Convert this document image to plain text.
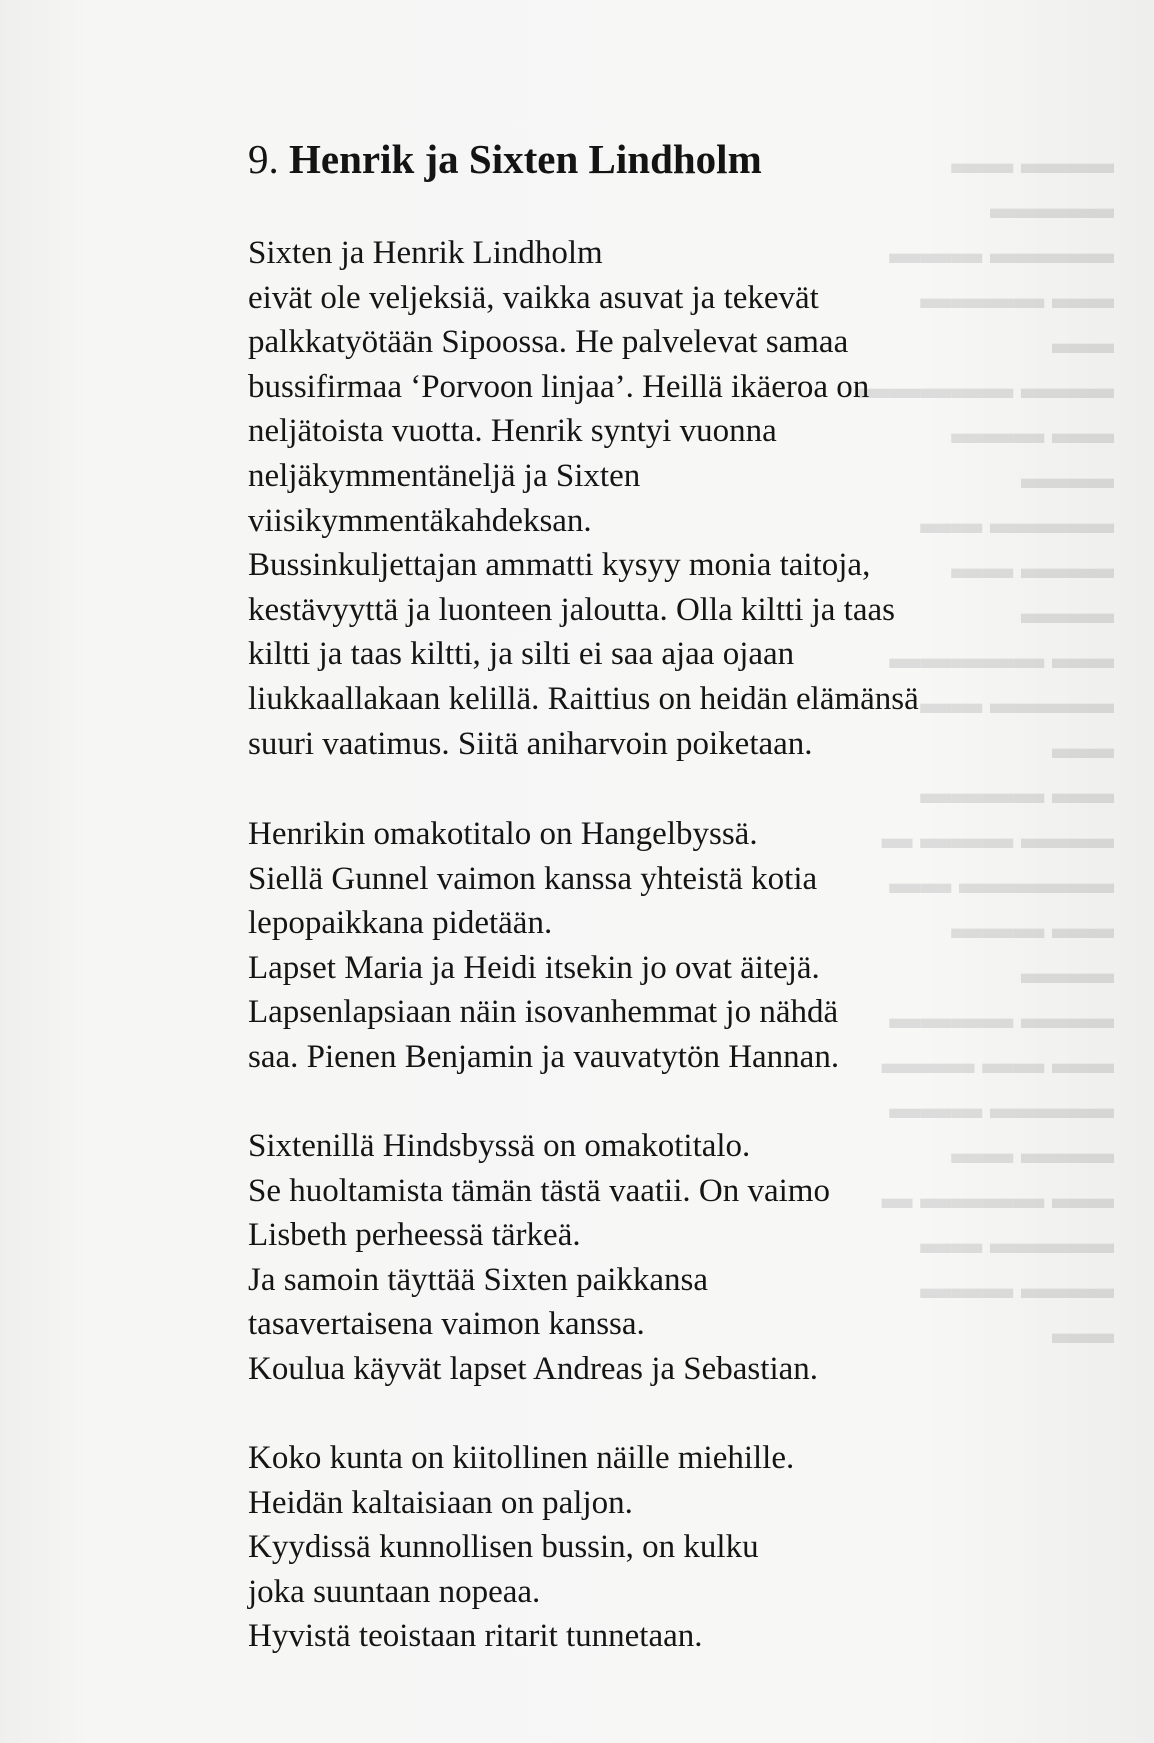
▬▬▬ ▬▬ ▬▬▬▬
▬▬▬▬ ▬▬▬
▬▬ ▬▬▬▬ ▬▬
▬▬▬ ▬▬▬▬▬
▬▬ ▬▬▬ ▬▬▬
▬▬▬▬ ▬▬
▬▬▬ ▬▬ ▬▬▬
▬▬ ▬▬▬▬▬
▬▬▬▬ ▬▬ ▬▬
▬▬ ▬▬▬▬
▬▬▬ ▬▬▬ ▬
▬▬▬▬▬ ▬▬
▬▬ ▬▬▬ ▬▬▬
▬▬▬ ▬▬▬▬
▬▬ ▬▬ ▬▬▬
▬▬▬▬ ▬▬▬
▬▬▬ ▬▬
▬▬ ▬▬▬▬ ▬
▬▬▬▬ ▬▬
▬▬▬ ▬▬▬ ▬▬
9. Henrik ja Sixten Lindholm
Sixten ja Henrik Lindholm
eivät ole veljeksiä, vaikka asuvat ja tekevät
palkkatyötään Sipoossa. He palvelevat samaa
bussifirmaa ‘Porvoon linjaa’. Heillä ikäeroa on
neljätoista vuotta. Henrik syntyi vuonna
neljäkymmentänelјä ja Sixten
viisikymmentäkahdeksan.
Bussinkuljettajan ammatti kysyy monia taitoja,
kestävyyttä ja luonteen jaloutta. Olla kiltti ja taas
kiltti ja taas kiltti, ja silti ei saa ajaa ojaan
liukkaallakaan kelillä. Raittius on heidän elämänsä
suuri vaatimus. Siitä aniharvoin poiketaan.
Henrikin omakotitalo on Hangelbyssä.
Siellä Gunnel vaimon kanssa yhteistä kotia
lepopaikkana pidetään.
Lapset Maria ja Heidi itsekin jo ovat äitejä.
Lapsenlapsiaan näin isovanhemmat jo nähdä
saa. Pienen Benjamin ja vauvatytön Hannan.
Sixtenillä Hindsbyssä on omakotitalo.
Se huoltamista tämän tästä vaatii. On vaimo
Lisbeth perheessä tärkeä.
Ja samoin täyttää Sixten paikkansa
tasavertaisena vaimon kanssa.
Koulua käyvät lapset Andreas ja Sebastian.
Koko kunta on kiitollinen näille miehille.
Heidän kaltaisiaan on paljon.
Kyydissä kunnollisen bussin, on kulku
joka suuntaan nopeaa.
Hyvistä teoistaan ritarit tunnetaan.
